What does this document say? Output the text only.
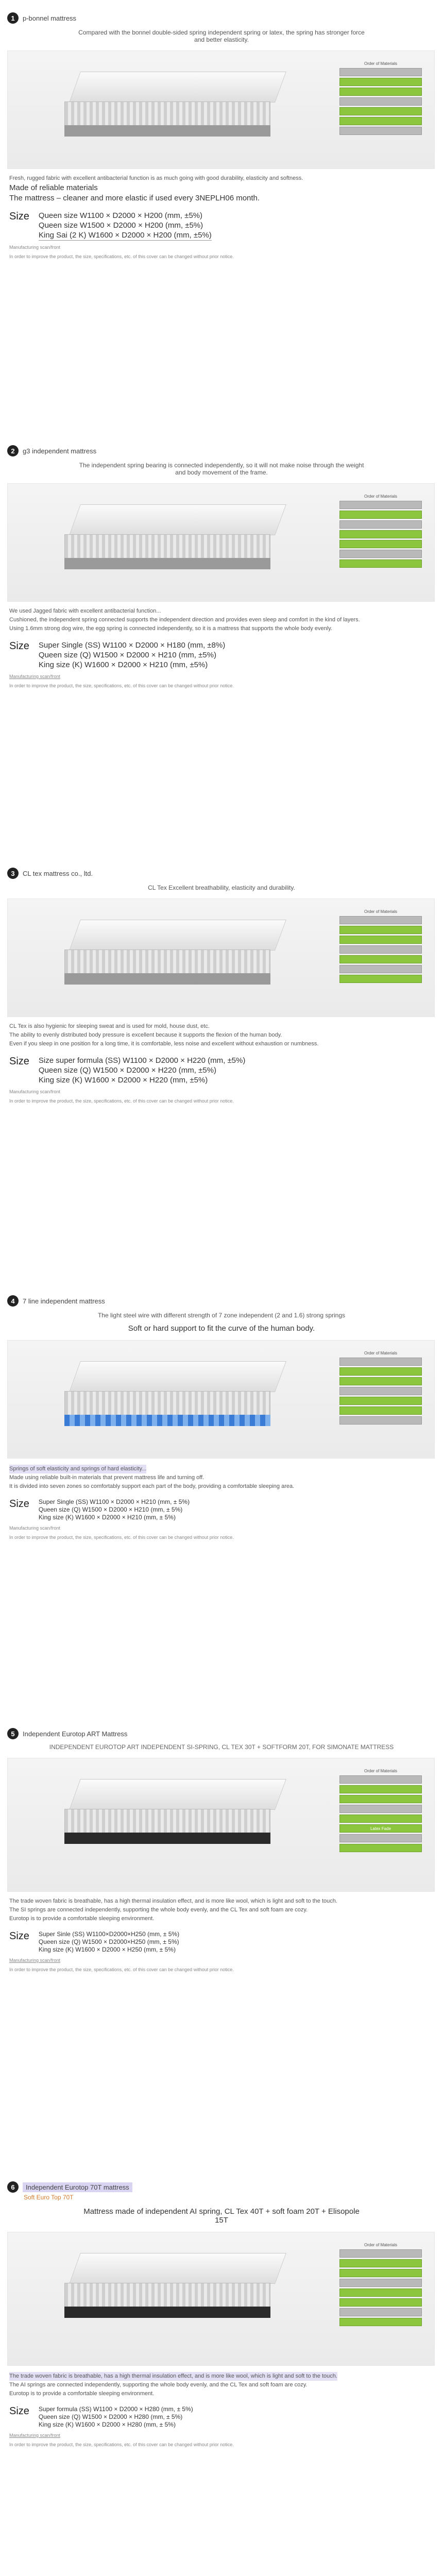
1	p-bonnel mattress

Compared with the bonnel double-sided spring independent spring or latex, the spring has stronger force and better elasticity.

Order of Materials

Fresh, rugged fabric with excellent antibacterial function is as much going with good durability, elasticity and softness.

Made of reliable materials

The mattress – cleaner and more elastic if used every 3NEPLH06 month.

Size Queen size W1100 × D2000 × H200 (mm, ±5%)
Queen size W1500 × D2000 × H200 (mm, ±5%)
King Sai (2 K) W1600 × D2000 × H200 (mm, ±5%)

Manufacturing scan/front

In order to improve the product, the size, specifications, etc. of this cover can be changed without prior notice.

2	g3 independent mattress

The independent spring bearing is connected independently, so it will not make noise through the weight and body movement of the frame.

Order of Materials

We used Jagged fabric with excellent antibacterial function...

Cushioned, the independent spring connected supports the independent direction and provides even sleep and comfort in the kind of layers.

Using 1.6mm strong dog wire, the egg spring is connected independently, so it is a mattress that supports the whole body evenly.

Size Super Single (SS) W1100 × D2000 × H180 (mm, ±8%)
Queen size (Q) W1500 × D2000 × H210 (mm, ±5%)
King size (K) W1600 × D2000 × H210 (mm, ±5%)

Manufacturing scan/front

In order to improve the product, the size, specifications, etc. of this cover can be changed without prior notice.

3	CL tex mattress co., ltd.

CL Tex Excellent breathability, elasticity and durability.

Order of Materials

CL Tex is also hygienic for sleeping sweat and is used for mold, house dust, etc.

The ability to evenly distributed body pressure is excellent because it supports the flexion of the human body.

Even if you sleep in one position for a long time, it is comfortable, less noise and excellent without exhaustion or numbness.

Size Size super formula (SS) W1100 × D2000 × H220 (mm, ±5%)
Queen size (Q) W1500 × D2000 × H220 (mm, ±5%)
King size (K) W1600 × D2000 × H220 (mm, ±5%)

Manufacturing scan/front

In order to improve the product, the size, specifications, etc. of this cover can be changed without prior notice.

4	7 line independent mattress

The light steel wire with different strength of 7 zone independent (2 and 1.6) strong springs

Soft or hard support to fit the curve of the human body.

Order of Materials

Springs of soft elasticity and springs of hard elasticity...

Made using reliable built-in materials that prevent mattress life and turning off.

It is divided into seven zones so comfortably support each part of the body, providing a comfortable sleeping area.

Size Super Single (SS) W1100 × D2000 × H210 (mm, ± 5%)
Queen size (Q) W1500 × D2000 × H210 (mm, ± 5%)
King size (K) W1600 × D2000 × H210 (mm, ± 5%)

Manufacturing scan/front

In order to improve the product, the size, specifications, etc. of this cover can be changed without prior notice.

5	Independent Eurotop ART Mattress

INDEPENDENT EUROTOP ART INDEPENDENT SI-SPRING, CL TEX 30T + SOFTFORM 20T, FOR SIMONATE MATTRESS

Order of Materials
Latex Fade

The trade woven fabric is breathable, has a high thermal insulation effect, and is more like wool, which is light and soft to the touch.

The SI springs are connected independently, supporting the whole body evenly, and the CL Tex and soft foam are cozy.

Eurotop is to provide a comfortable sleeping environment.

Size Super Sinle (SS) W1100×D2000×H250 (mm, ± 5%)
Queen size (Q) W1500 × D2000×H250 (mm, ± 5%)
King size (K) W1600 × D2000 × H250 (mm, ± 5%)

Manufacturing scan/front

In order to improve the product, the size, specifications, etc. of this cover can be changed without prior notice.

6	Independent Eurotop 70T mattress

Soft Euro Top 70T

Mattress made of independent AI spring, CL Tex 40T + soft foam 20T + Elisopole 15T

Order of Materials

The trade woven fabric is breathable, has a high thermal insulation effect, and is more like wool, which is light and soft to the touch.

The AI springs are connected independently, supporting the whole body evenly, and the CL Tex and soft foam are cozy.

Eurotop is to provide a comfortable sleeping environment.

Size Super formula (SS) W1100 × D2000 × H280 (mm, ± 5%)
Queen size (Q) W1500 × D2000 × H280 (mm, ± 5%)
King size (K) W1600 × D2000 × H280 (mm, ± 5%)

Manufacturing scan/front

In order to improve the product, the size, specifications, etc. of this cover can be changed without prior notice.
